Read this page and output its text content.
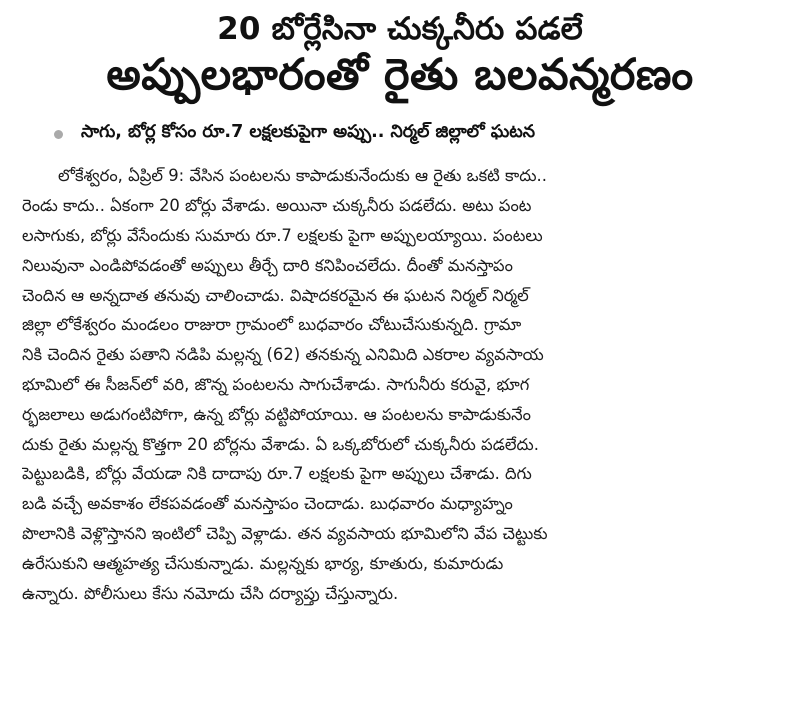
20 బోర్లేసినా చుక్కనీరు పడలే
అప్పులభారంతో రైతు బలవన్మరణం
సాగు, బోర్ల కోసం రూ.7 లక్షలకుపైగా అప్పు.. నిర్మల్ జిల్లాలో ఘటన
లోకేశ్వరం, ఏప్రిల్ 9: వేసిన పంటలను కాపాడుకునేందుకు ఆ రైతు ఒకటి కాదు..
రెండు కాదు.. ఏకంగా 20 బోర్లు వేశాడు. అయినా చుక్కనీరు పడలేదు. అటు పంట
లసాగుకు, బోర్లు వేసేందుకు సుమారు రూ.7 లక్షలకు పైగా అప్పులయ్యాయి. పంటలు
నిలువునా ఎండిపోవడంతో అప్పులు తీర్చే దారి కనిపించలేదు. దీంతో మనస్తాపం
చెందిన ఆ అన్నదాత తనువు చాలించాడు. విషాదకరమైన ఈ ఘటన నిర్మల్ నిర్మల్
జిల్లా లోకేశ్వరం మండలం రాజురా గ్రామంలో బుధవారం చోటుచేసుకున్నది. గ్రామా
నికి చెందిన రైతు పతాని నడిపి మల్లన్న (62) తనకున్న ఎనిమిది ఎకరాల వ్యవసాయ
భూమిలో ఈ సీజన్‌లో వరి, జొన్న పంటలను సాగుచేశాడు. సాగునీరు కరువై, భూగ
ర్భజలాలు అడుగంటిపోగా, ఉన్న బోర్లు వట్టిపోయాయి. ఆ పంటలను కాపాడుకునేం
దుకు రైతు మల్లన్న కొత్తగా 20 బోర్లను వేశాడు. ఏ ఒక్కబోరులో చుక్కనీరు పడలేదు.
పెట్టుబడికి, బోర్లు వేయడా నికి దాదాపు రూ.7 లక్షలకు పైగా అప్పులు చేశాడు. దిగు
బడి వచ్చే అవకాశం లేకపవడంతో మనస్తాపం చెందాడు. బుధవారం మధ్యాహ్నం
పొలానికి వెళ్లొస్తానని ఇంటిలో చెప్పి వెళ్లాడు. తన వ్యవసాయ భూమిలోని వేప చెట్టుకు
ఉరేసుకుని ఆత్మహత్య చేసుకున్నాడు. మల్లన్నకు భార్య, కూతురు, కుమారుడు
ఉన్నారు. పోలీసులు కేసు నమోదు చేసి దర్యాప్తు చేస్తున్నారు.
